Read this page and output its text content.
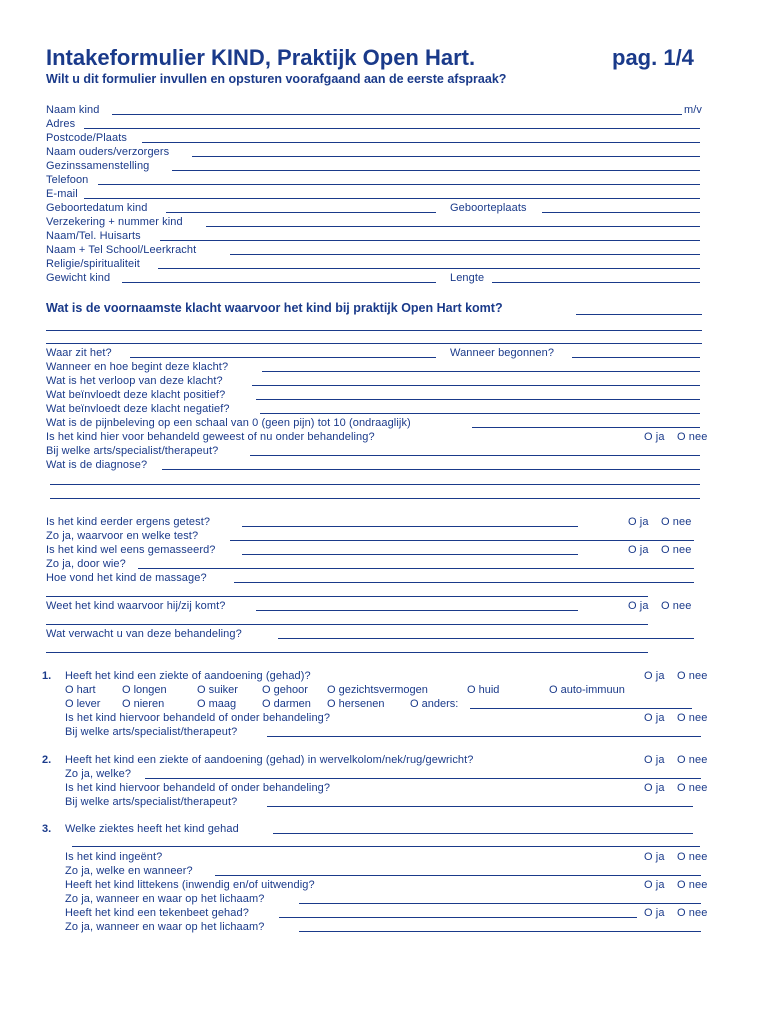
Intakeformulier KIND, Praktijk Open Hart.	pag. 1/4
Wilt u dit formulier invullen en opsturen voorafgaand aan de eerste afspraak?
Naam kind	m/v
Adres
Postcode/Plaats
Naam ouders/verzorgers
Gezinssamenstelling
Telefoon
E-mail
Geboortedatum kind	Geboorteplaats
Verzekering + nummer kind
Naam/Tel. Huisarts
Naam + Tel School/Leerkracht
Religie/spiritualiteit
Gewicht kind	Lengte
Wat is de voornaamste klacht waarvoor het kind bij praktijk Open Hart komt?
Waar zit het?	Wanneer begonnen?
Wanneer en hoe begint deze klacht?
Wat is het verloop van deze klacht?
Wat beïnvloedt deze klacht positief?
Wat beïnvloedt deze klacht negatief?
Wat is de pijnbeleving op een schaal van 0 (geen pijn) tot 10 (ondraaglijk)
Is het kind hier voor behandeld geweest of nu onder behandeling?	O ja O nee
Bij welke arts/specialist/therapeut?
Wat is de diagnose?
Is het kind eerder ergens getest?	O ja O nee
Zo ja, waarvoor en welke test?
Is het kind wel eens gemasseerd?	O ja O nee
Zo ja, door wie?
Hoe vond het kind de massage?
Weet het kind waarvoor hij/zij komt?	O ja O nee
Wat verwacht u van deze behandeling?
1. Heeft het kind een ziekte of aandoening (gehad)?	O ja O nee
O hart O longen	O suiker O gehoor O gezichtsvermogen	O huid	O auto-immuun
O lever O nieren	O maag O darmen O hersenen O anders:
Is het kind hiervoor behandeld of onder behandeling?	O ja O nee
Bij welke arts/specialist/therapeut?
2. Heeft het kind een ziekte of aandoening (gehad) in wervelkolom/nek/rug/gewricht?	O ja O nee
Zo ja, welke?
Is het kind hiervoor behandeld of onder behandeling?	O ja O nee
Bij welke arts/specialist/therapeut?
3. Welke ziektes heeft het kind gehad
Is het kind ingeënt?	O ja O nee
Zo ja, welke en wanneer?
Heeft het kind littekens (inwendig en/of uitwendig?	O ja O nee
Zo ja, wanneer en waar op het lichaam?
Heeft het kind een tekenbeet gehad?	O ja O nee
Zo ja, wanneer en waar op het lichaam?
